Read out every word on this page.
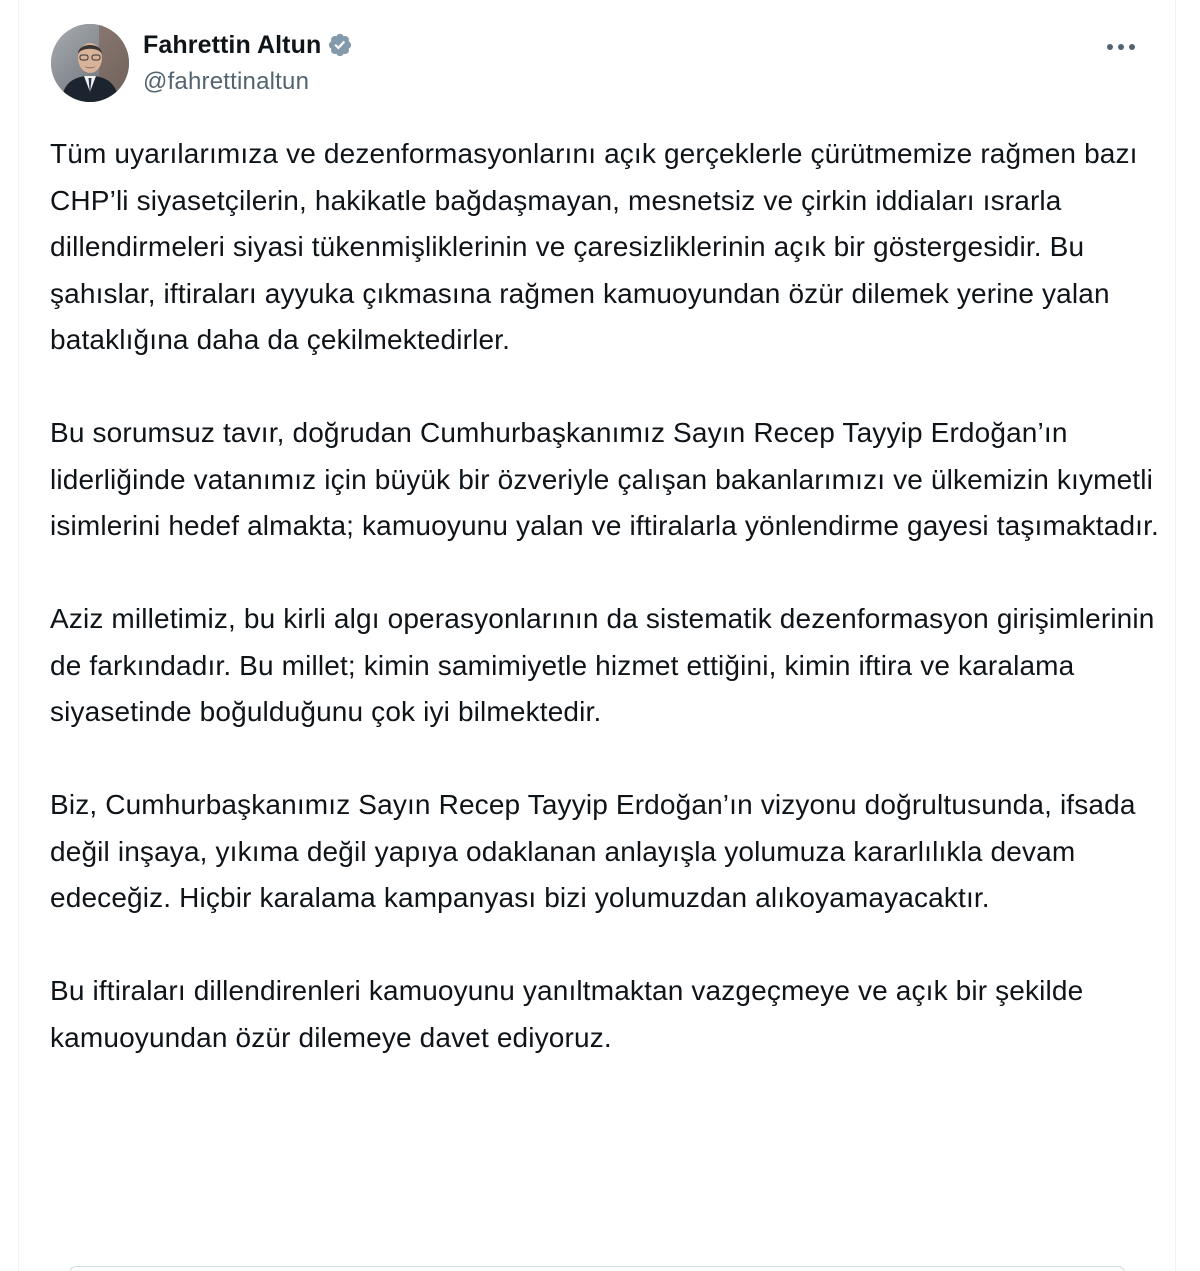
Fahrettin Altun
@fahrettinaltun

Tüm uyarılarımıza ve dezenformasyonlarını açık gerçeklerle çürütmemize rağmen bazı CHP’li siyasetçilerin, hakikatle bağdaşmayan, mesnetsiz ve çirkin iddiaları ısrarla dillendirmeleri siyasi tükenmişliklerinin ve çaresizliklerinin açık bir göstergesidir. Bu şahıslar, iftiraları ayyuka çıkmasına rağmen kamuoyundan özür dilemek yerine yalan bataklığına daha da çekilmektedirler.

Bu sorumsuz tavır, doğrudan Cumhurbaşkanımız Sayın Recep Tayyip Erdoğan’ın liderliğinde vatanımız için büyük bir özveriyle çalışan bakanlarımızı ve ülkemizin kıymetli isimlerini hedef almakta; kamuoyunu yalan ve iftiralarla yönlendirme gayesi taşımaktadır.

Aziz milletimiz, bu kirli algı operasyonlarının da sistematik dezenformasyon girişimlerinin de farkındadır. Bu millet; kimin samimiyetle hizmet ettiğini, kimin iftira ve karalama siyasetinde boğulduğunu çok iyi bilmektedir.

Biz, Cumhurbaşkanımız Sayın Recep Tayyip Erdoğan’ın vizyonu doğrultusunda, ifsada değil inşaya, yıkıma değil yapıya odaklanan anlayışla yolumuza kararlılıkla devam edeceğiz. Hiçbir karalama kampanyası bizi yolumuzdan alıkoyamayacaktır.

Bu iftiraları dillendirenleri kamuoyunu yanıltmaktan vazgeçmeye ve açık bir şekilde kamuoyundan özür dilemeye davet ediyoruz.
